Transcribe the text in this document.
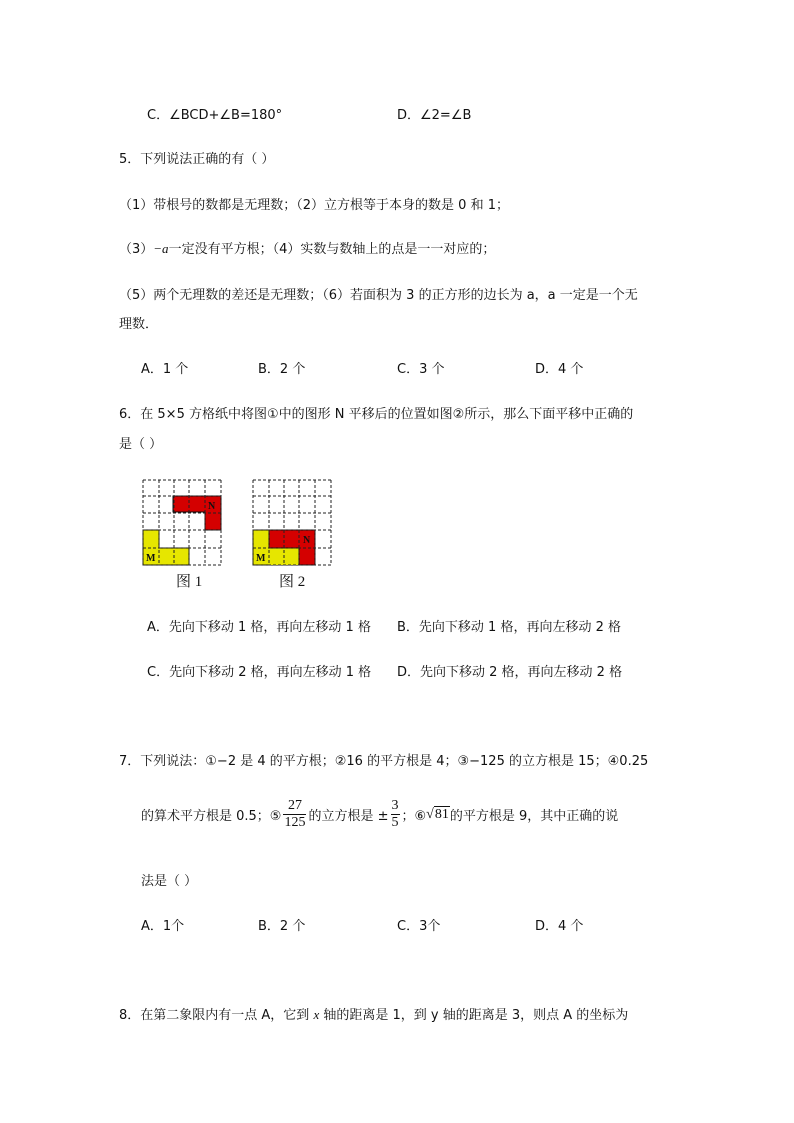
C．∠BCD+∠B=180°	D．∠2=∠B
5．下列说法正确的有（ ）
（1）带根号的数都是无理数；（2）立方根等于本身的数是 0 和 1；
（3）−a一定没有平方根；（4）实数与数轴上的点是一一对应的；
（5）两个无理数的差还是无理数；（6）若面积为 3 的正方形的边长为 a，a 一定是一个无
理数．
A．1 个	B．2 个	C．3 个	D．4 个
6．在 5×5 方格纸中将图①中的图形 N 平移后的位置如图②所示，那么下面平移中正确的
是（ ）
N
M
图 1
N
M
图 2
A．先向下移动 1 格，再向左移动 1 格 B．先向下移动 1 格，再向左移动 2 格
C．先向下移动 2 格，再向左移动 1 格 D．先向下移动 2 格，再向左移动 2 格
7．下列说法：①−2 是 4 的平方根；②16 的平方根是 4；③−125 的立方根是 15；④0.25
的算术平方根是 0.5；⑤ $\frac{27}{125}$ 的立方根是 ± $\frac{3}{5}$ ；⑥√81的平方根是 9，其中正确的说
法是（ ）
A．1个	B．2 个	C．3个	D．4 个
8．在第二象限内有一点 A，它到 x 轴的距离是 1，到 y 轴的距离是 3，则点 A 的坐标为
